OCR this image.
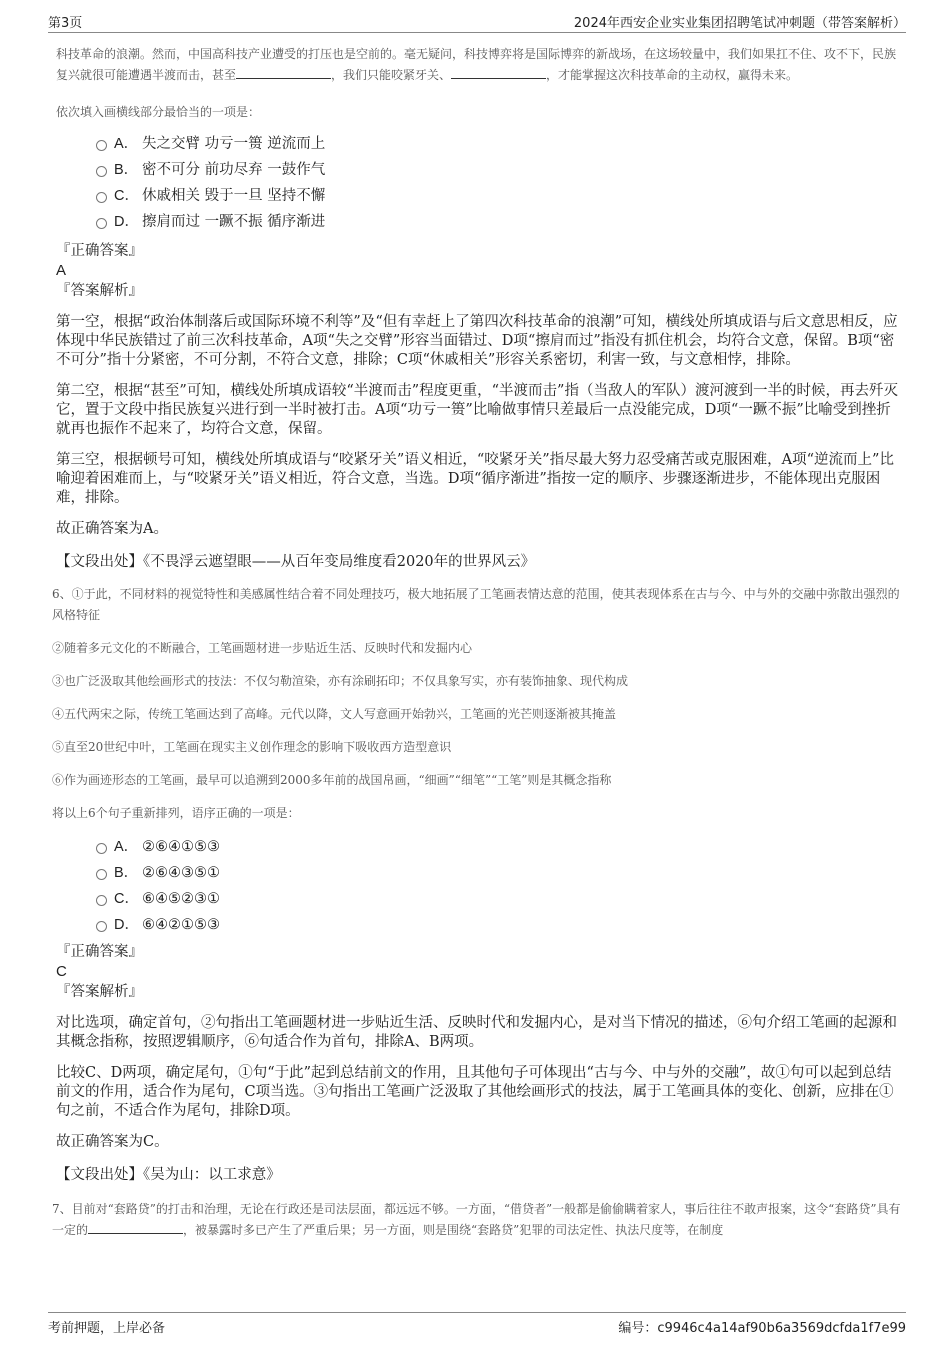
第3页	2024年西安企业实业集团招聘笔试冲刺题（带答案解析）

科技革命的浪潮。然而，中国高科技产业遭受的打压也是空前的。毫无疑问，科技博弈将是国际博弈的新战场，在这场较量中，我们如果扛不住、攻不下，民族复兴就很可能遭遇半渡而击，甚至	，我们只能咬紧牙关、	，才能掌握这次科技革命的主动权，赢得未来。

依次填入画横线部分最恰当的一项是：

A． 失之交臂 功亏一篑 逆流而上
B． 密不可分 前功尽弃 一鼓作气
C． 休戚相关 毁于一旦 坚持不懈
D． 擦肩而过 一蹶不振 循序渐进

『正确答案』

A

『答案解析』

第一空，根据“政治体制落后或国际环境不利等”及“但有幸赶上了第四次科技革命的浪潮”可知，横线处所填成语与后文意思相反，应体现中华民族错过了前三次科技革命，A项“失之交臂”形容当面错过、D项“擦肩而过”指没有抓住机会，均符合文意，保留。B项“密不可分”指十分紧密，不可分割，不符合文意，排除；C项“休戚相关”形容关系密切，利害一致，与文意相悖，排除。

第二空，根据“甚至”可知，横线处所填成语较“半渡而击”程度更重，“半渡而击”指（当敌人的军队）渡河渡到一半的时候，再去歼灭它，置于文段中指民族复兴进行到一半时被打击。A项“功亏一篑”比喻做事情只差最后一点没能完成，D项“一蹶不振”比喻受到挫折就再也振作不起来了，均符合文意，保留。

第三空，根据顿号可知，横线处所填成语与“咬紧牙关”语义相近，“咬紧牙关”指尽最大努力忍受痛苦或克服困难，A项“逆流而上”比喻迎着困难而上，与“咬紧牙关”语义相近，符合文意，当选。D项“循序渐进”指按一定的顺序、步骤逐渐进步，不能体现出克服困难，排除。

故正确答案为A。

【文段出处】《不畏浮云遮望眼——从百年变局维度看2020年的世界风云》

6、①于此，不同材料的视觉特性和美感属性结合着不同处理技巧，极大地拓展了工笔画表情达意的范围，使其表现体系在古与今、中与外的交融中弥散出强烈的风格特征

②随着多元文化的不断融合，工笔画题材进一步贴近生活、反映时代和发掘内心

③也广泛汲取其他绘画形式的技法：不仅匀勒渲染，亦有涂刷拓印；不仅具象写实，亦有装饰抽象、现代构成

④五代两宋之际，传统工笔画达到了高峰。元代以降，文人写意画开始勃兴，工笔画的光芒则逐渐被其掩盖

⑤直至20世纪中叶，工笔画在现实主义创作理念的影响下吸收西方造型意识

⑥作为画迹形态的工笔画，最早可以追溯到2000多年前的战国帛画，“细画”“细笔”“工笔”则是其概念指称

将以上6个句子重新排列，语序正确的一项是：

A． ②⑥④①⑤③
B． ②⑥④③⑤①
C． ⑥④⑤②③①
D． ⑥④②①⑤③

『正确答案』

C

『答案解析』

对比选项，确定首句，②句指出工笔画题材进一步贴近生活、反映时代和发掘内心，是对当下情况的描述，⑥句介绍工笔画的起源和其概念指称，按照逻辑顺序，⑥句适合作为首句，排除A、B两项。

比较C、D两项，确定尾句，①句“于此”起到总结前文的作用，且其他句子可体现出“古与今、中与外的交融”，故①句可以起到总结前文的作用，适合作为尾句，C项当选。③句指出工笔画广泛汲取了其他绘画形式的技法，属于工笔画具体的变化、创新，应排在①句之前，不适合作为尾句，排除D项。

故正确答案为C。

【文段出处】《吴为山：以工求意》

7、目前对“套路贷”的打击和治理，无论在行政还是司法层面，都远远不够。一方面，“借贷者”一般都是偷偷瞒着家人，事后往往不敢声报案，这令“套路贷”具有一定的	，被暴露时多已产生了严重后果；另一方面，则是围绕“套路贷”犯罪的司法定性、执法尺度等，在制度

考前押题，上岸必备	编号：c9946c4a14af90b6a3569dcfda1f7e99
